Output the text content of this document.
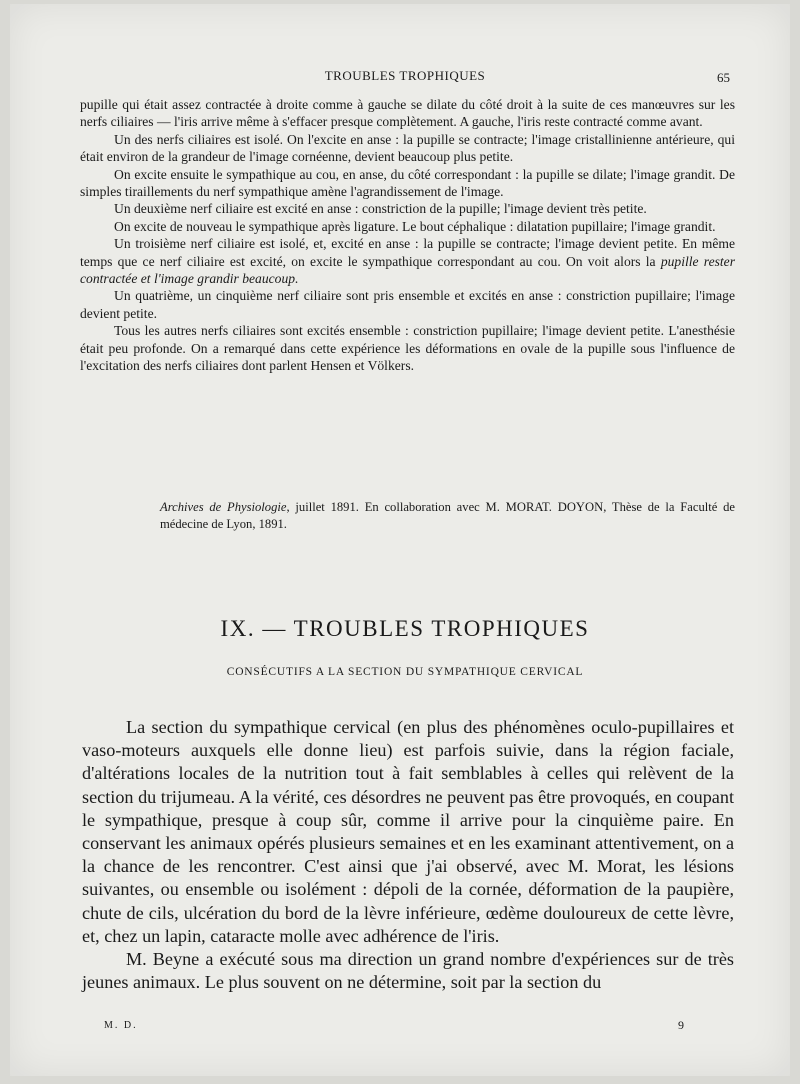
TROUBLES TROPHIQUES	65

pupille qui était assez contractée à droite comme à gauche se dilate du côté droit à la suite de ces manœuvres sur les nerfs ciliaires — l'iris arrive même à s'effacer presque complètement. A gauche, l'iris reste contracté comme avant.

Un des nerfs ciliaires est isolé. On l'excite en anse : la pupille se contracte; l'image cristallinienne antérieure, qui était environ de la grandeur de l'image cornéenne, devient beaucoup plus petite.

On excite ensuite le sympathique au cou, en anse, du côté correspondant : la pupille se dilate; l'image grandit. De simples tiraillements du nerf sympathique amène l'agrandissement de l'image.

Un deuxième nerf ciliaire est excité en anse : constriction de la pupille; l'image devient très petite.

On excite de nouveau le sympathique après ligature. Le bout céphalique : dilatation pupillaire; l'image grandit.

Un troisième nerf ciliaire est isolé, et, excité en anse : la pupille se contracte; l'image devient petite. En même temps que ce nerf ciliaire est excité, on excite le sympathique correspondant au cou. On voit alors la pupille rester contractée et l'image grandir beaucoup.

Un quatrième, un cinquième nerf ciliaire sont pris ensemble et excités en anse : constriction pupillaire; l'image devient petite.

Tous les autres nerfs ciliaires sont excités ensemble : constriction pupillaire; l'image devient petite. L'anesthésie était peu profonde. On a remarqué dans cette expérience les déformations en ovale de la pupille sous l'influence de l'excitation des nerfs ciliaires dont parlent Hensen et Völkers.

Archives de Physiologie, juillet 1891. En collaboration avec M. MORAT. DOYON, Thèse de la Faculté de médecine de Lyon, 1891.
IX. — TROUBLES TROPHIQUES
CONSÉCUTIFS A LA SECTION DU SYMPATHIQUE CERVICAL

La section du sympathique cervical (en plus des phénomènes oculo-pupillaires et vaso-moteurs auxquels elle donne lieu) est parfois suivie, dans la région faciale, d'altérations locales de la nutrition tout à fait semblables à celles qui relèvent de la section du trijumeau. A la vérité, ces désordres ne peuvent pas être provoqués, en coupant le sympathique, presque à coup sûr, comme il arrive pour la cinquième paire. En conservant les animaux opérés plusieurs semaines et en les examinant attentivement, on a la chance de les rencontrer. C'est ainsi que j'ai observé, avec M. Morat, les lésions suivantes, ou ensemble ou isolément : dépoli de la cornée, déformation de la paupière, chute de cils, ulcération du bord de la lèvre inférieure, œdème douloureux de cette lèvre, et, chez un lapin, cataracte molle avec adhérence de l'iris.

M. Beyne a exécuté sous ma direction un grand nombre d'expériences sur de très jeunes animaux. Le plus souvent on ne détermine, soit par la section du

M. D.	9
